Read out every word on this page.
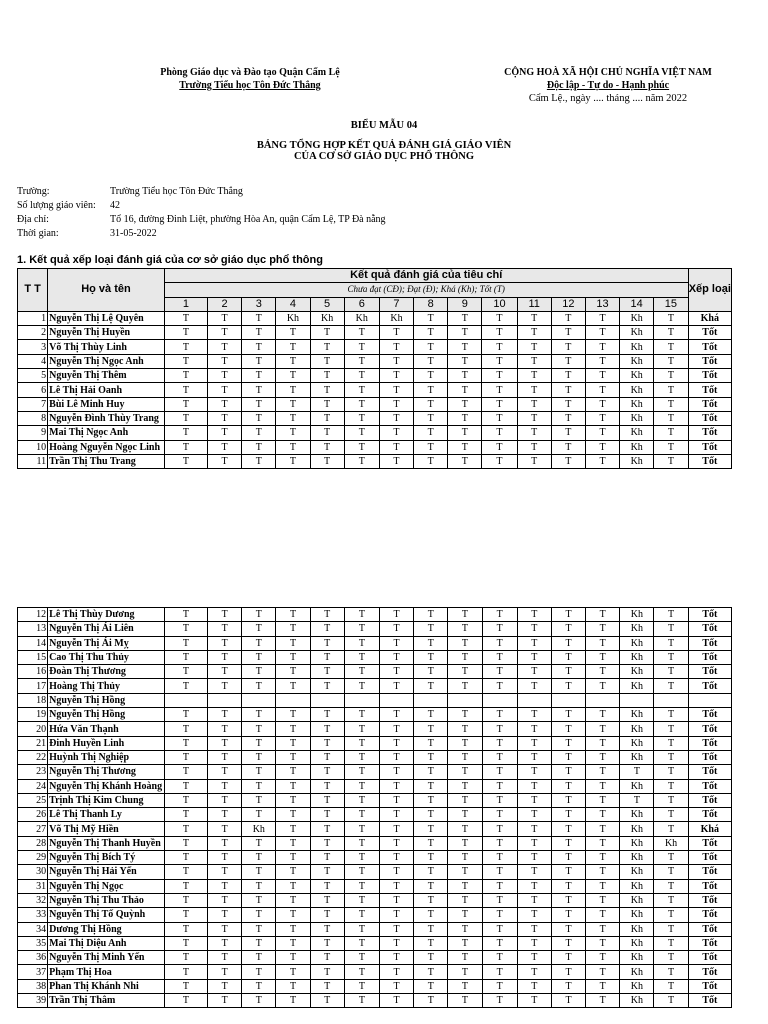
Phòng Giáo dục và Đào tạo Quận Cẩm Lệ
Trường Tiểu học Tôn Đức Thắng
CỘNG HOÀ XÃ HỘI CHỦ NGHĨA VIỆT NAM
Độc lập - Tự do - Hạnh phúc
Cẩm Lệ., ngày .... tháng .... năm 2022
BIỂU MẪU 04
BẢNG TỔNG HỢP KẾT QUẢ ĐÁNH GIÁ GIÁO VIÊN
CỦA CƠ SỞ GIÁO DỤC PHỔ THÔNG
Trường:	Trường Tiểu học Tôn Đức Thắng
Số lượng giáo viên:	42
Địa chỉ:	Tổ 16, đường Đinh Liệt, phường Hòa An, quận Cẩm Lệ, TP Đà nẵng
Thời gian:	31-05-2022
1. Kết quả xếp loại đánh giá của cơ sở giáo dục phổ thông
T T	Họ và tên	Kết quả đánh giá của tiêu chí															Xếp loại
		Chưa đạt (CĐ); Đạt (Đ); Khá (Kh); Tốt (T)															
		1	2	3	4	5	6	7	8	9	10	11	12	13	14	15	
1	Nguyễn Thị Lệ Quyên	T	T	T	Kh	Kh	Kh	Kh	T	T	T	T	T	T	Kh	T	Khá
2	Nguyễn Thị Huyền	T	T	T	T	T	T	T	T	T	T	T	T	T	Kh	T	Tốt
3	Võ Thị Thùy Linh	T	T	T	T	T	T	T	T	T	T	T	T	T	Kh	T	Tốt
4	Nguyễn Thị Ngọc Anh	T	T	T	T	T	T	T	T	T	T	T	T	T	Kh	T	Tốt
5	Nguyễn Thị Thêm	T	T	T	T	T	T	T	T	T	T	T	T	T	Kh	T	Tốt
6	Lê Thị Hải Oanh	T	T	T	T	T	T	T	T	T	T	T	T	T	Kh	T	Tốt
7	Bùi Lê Minh Huy	T	T	T	T	T	T	T	T	T	T	T	T	T	Kh	T	Tốt
8	Nguyễn Đình Thùy Trang	T	T	T	T	T	T	T	T	T	T	T	T	T	Kh	T	Tốt
9	Mai Thị Ngọc Anh	T	T	T	T	T	T	T	T	T	T	T	T	T	Kh	T	Tốt
10	Hoàng Nguyễn Ngọc Linh	T	T	T	T	T	T	T	T	T	T	T	T	T	Kh	T	Tốt
11	Trần Thị Thu Trang	T	T	T	T	T	T	T	T	T	T	T	T	T	Kh	T	Tốt
12	Lê Thị Thùy Dương	T	T	T	T	T	T	T	T	T	T	T	T	T	Kh	T	Tốt
13	Nguyễn Thị Ái Liên	T	T	T	T	T	T	T	T	T	T	T	T	T	Kh	T	Tốt
14	Nguyễn Thị Ái Mỵ	T	T	T	T	T	T	T	T	T	T	T	T	T	Kh	T	Tốt
15	Cao Thị Thu Thủy	T	T	T	T	T	T	T	T	T	T	T	T	T	Kh	T	Tốt
16	Đoàn Thị Thương	T	T	T	T	T	T	T	T	T	T	T	T	T	Kh	T	Tốt
17	Hoàng Thị Thủy	T	T	T	T	T	T	T	T	T	T	T	T	T	Kh	T	Tốt
18	Nguyễn Thị Hồng																
19	Nguyễn Thị Hồng	T	T	T	T	T	T	T	T	T	T	T	T	T	Kh	T	Tốt
20	Hứa Văn Thạnh	T	T	T	T	T	T	T	T	T	T	T	T	T	Kh	T	Tốt
21	Đinh Huyền Linh	T	T	T	T	T	T	T	T	T	T	T	T	T	Kh	T	Tốt
22	Huỳnh Thị Nghiệp	T	T	T	T	T	T	T	T	T	T	T	T	T	Kh	T	Tốt
23	Nguyễn Thị Thương	T	T	T	T	T	T	T	T	T	T	T	T	T	T	T	Tốt
24	Nguyễn Thị Khánh Hoàng	T	T	T	T	T	T	T	T	T	T	T	T	T	Kh	T	Tốt
25	Trịnh Thị Kim Chung	T	T	T	T	T	T	T	T	T	T	T	T	T	T	T	Tốt
26	Lê Thị Thanh Ly	T	T	T	T	T	T	T	T	T	T	T	T	T	Kh	T	Tốt
27	Võ Thị Mỹ Hiền	T	T	Kh	T	T	T	T	T	T	T	T	T	T	Kh	T	Khá
28	Nguyễn Thị Thanh Huyền	T	T	T	T	T	T	T	T	T	T	T	T	T	Kh	Kh	Tốt
29	Nguyễn Thị Bích Tý	T	T	T	T	T	T	T	T	T	T	T	T	T	Kh	T	Tốt
30	Nguyễn Thị Hải Yến	T	T	T	T	T	T	T	T	T	T	T	T	T	Kh	T	Tốt
31	Nguyễn Thị Ngọc	T	T	T	T	T	T	T	T	T	T	T	T	T	Kh	T	Tốt
32	Nguyễn Thị Thu Thảo	T	T	T	T	T	T	T	T	T	T	T	T	T	Kh	T	Tốt
33	Nguyễn Thị Tố Quỳnh	T	T	T	T	T	T	T	T	T	T	T	T	T	Kh	T	Tốt
34	Dương Thị Hồng	T	T	T	T	T	T	T	T	T	T	T	T	T	Kh	T	Tốt
35	Mai Thị Diệu Anh	T	T	T	T	T	T	T	T	T	T	T	T	T	Kh	T	Tốt
36	Nguyễn Thị Minh Yến	T	T	T	T	T	T	T	T	T	T	T	T	T	Kh	T	Tốt
37	Phạm Thị Hoa	T	T	T	T	T	T	T	T	T	T	T	T	T	Kh	T	Tốt
38	Phan Thị Khánh Nhi	T	T	T	T	T	T	T	T	T	T	T	T	T	Kh	T	Tốt
39	Trần Thị Thâm	T	T	T	T	T	T	T	T	T	T	T	T	T	Kh	T	Tốt
